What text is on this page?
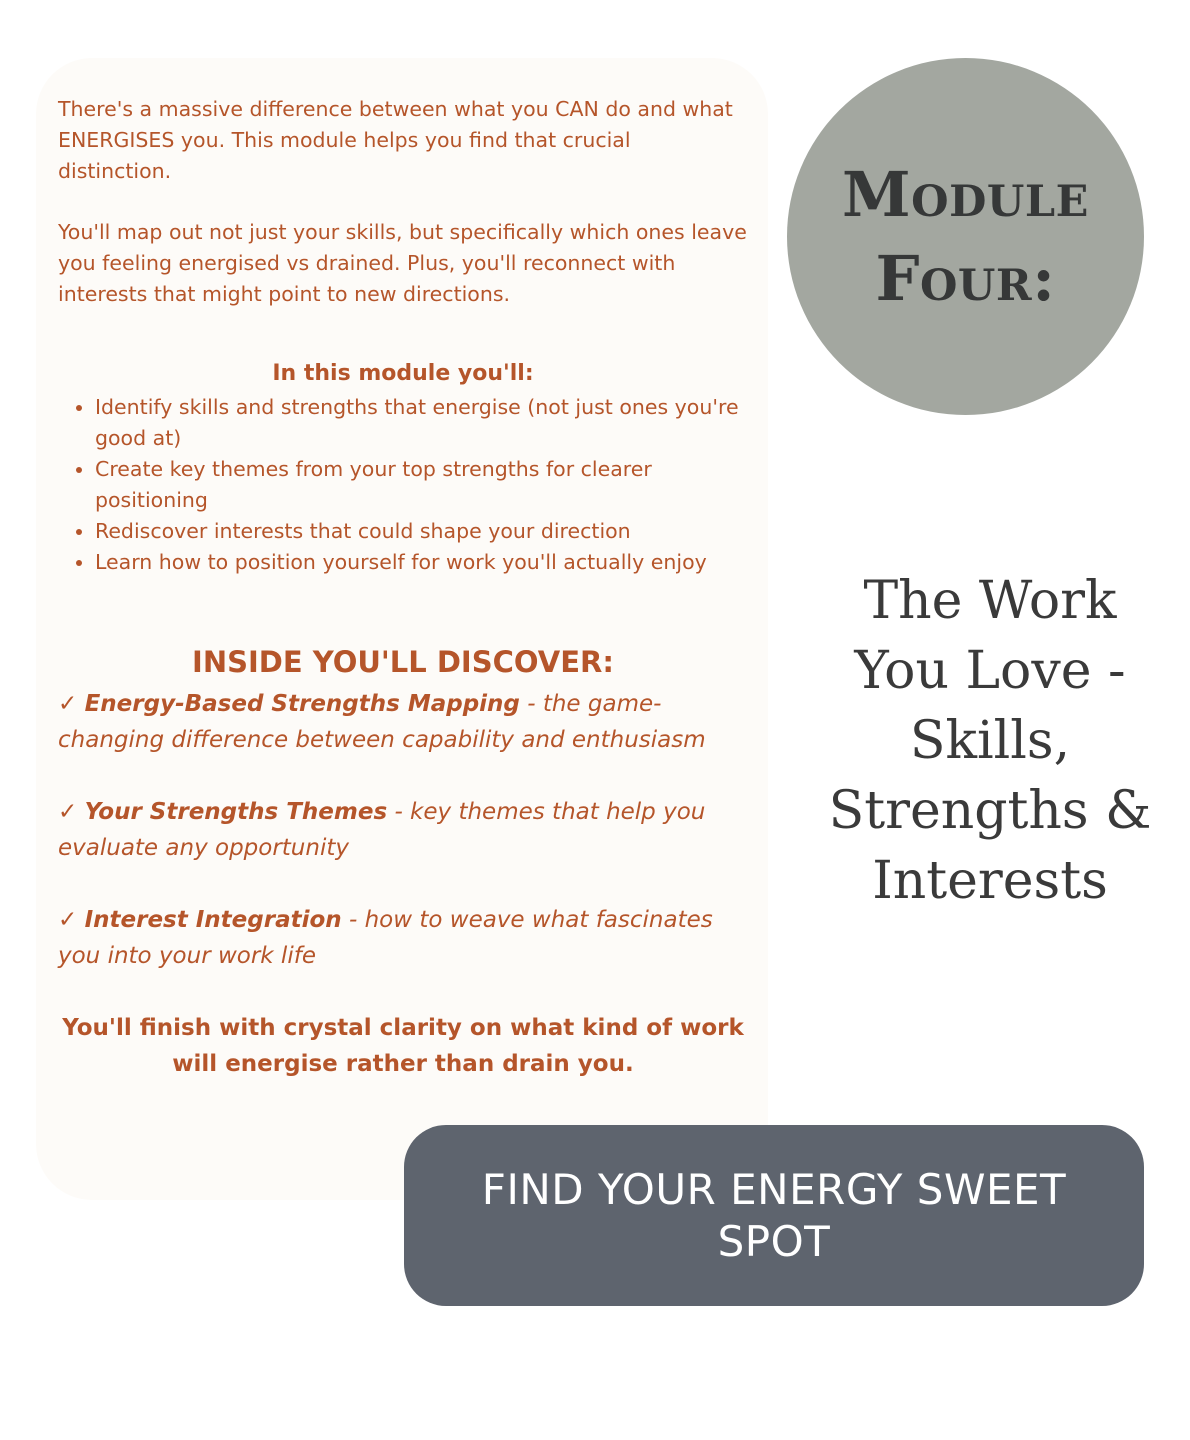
There's a massive difference between what you CAN do and what ENERGISES you. This module helps you find that crucial distinction.

You'll map out not just your skills, but specifically which ones leave you feeling energised vs drained. Plus, you'll reconnect with interests that might point to new directions.

In this module you'll:
• Identify skills and strengths that energise (not just ones you're good at)
• Create key themes from your top strengths for clearer positioning
• Rediscover interests that could shape your direction
• Learn how to position yourself for work you'll actually enjoy
INSIDE YOU'LL DISCOVER:

✓ Energy-Based Strengths Mapping - the game-changing difference between capability and enthusiasm

✓ Your Strengths Themes - key themes that help you evaluate any opportunity

✓ Interest Integration - how to weave what fascinates you into your work life

You'll finish with crystal clarity on what kind of work will energise rather than drain you.

Module
Four:
The Work You Love - Skills, Strengths & Interests
FIND YOUR ENERGY SWEET SPOT
